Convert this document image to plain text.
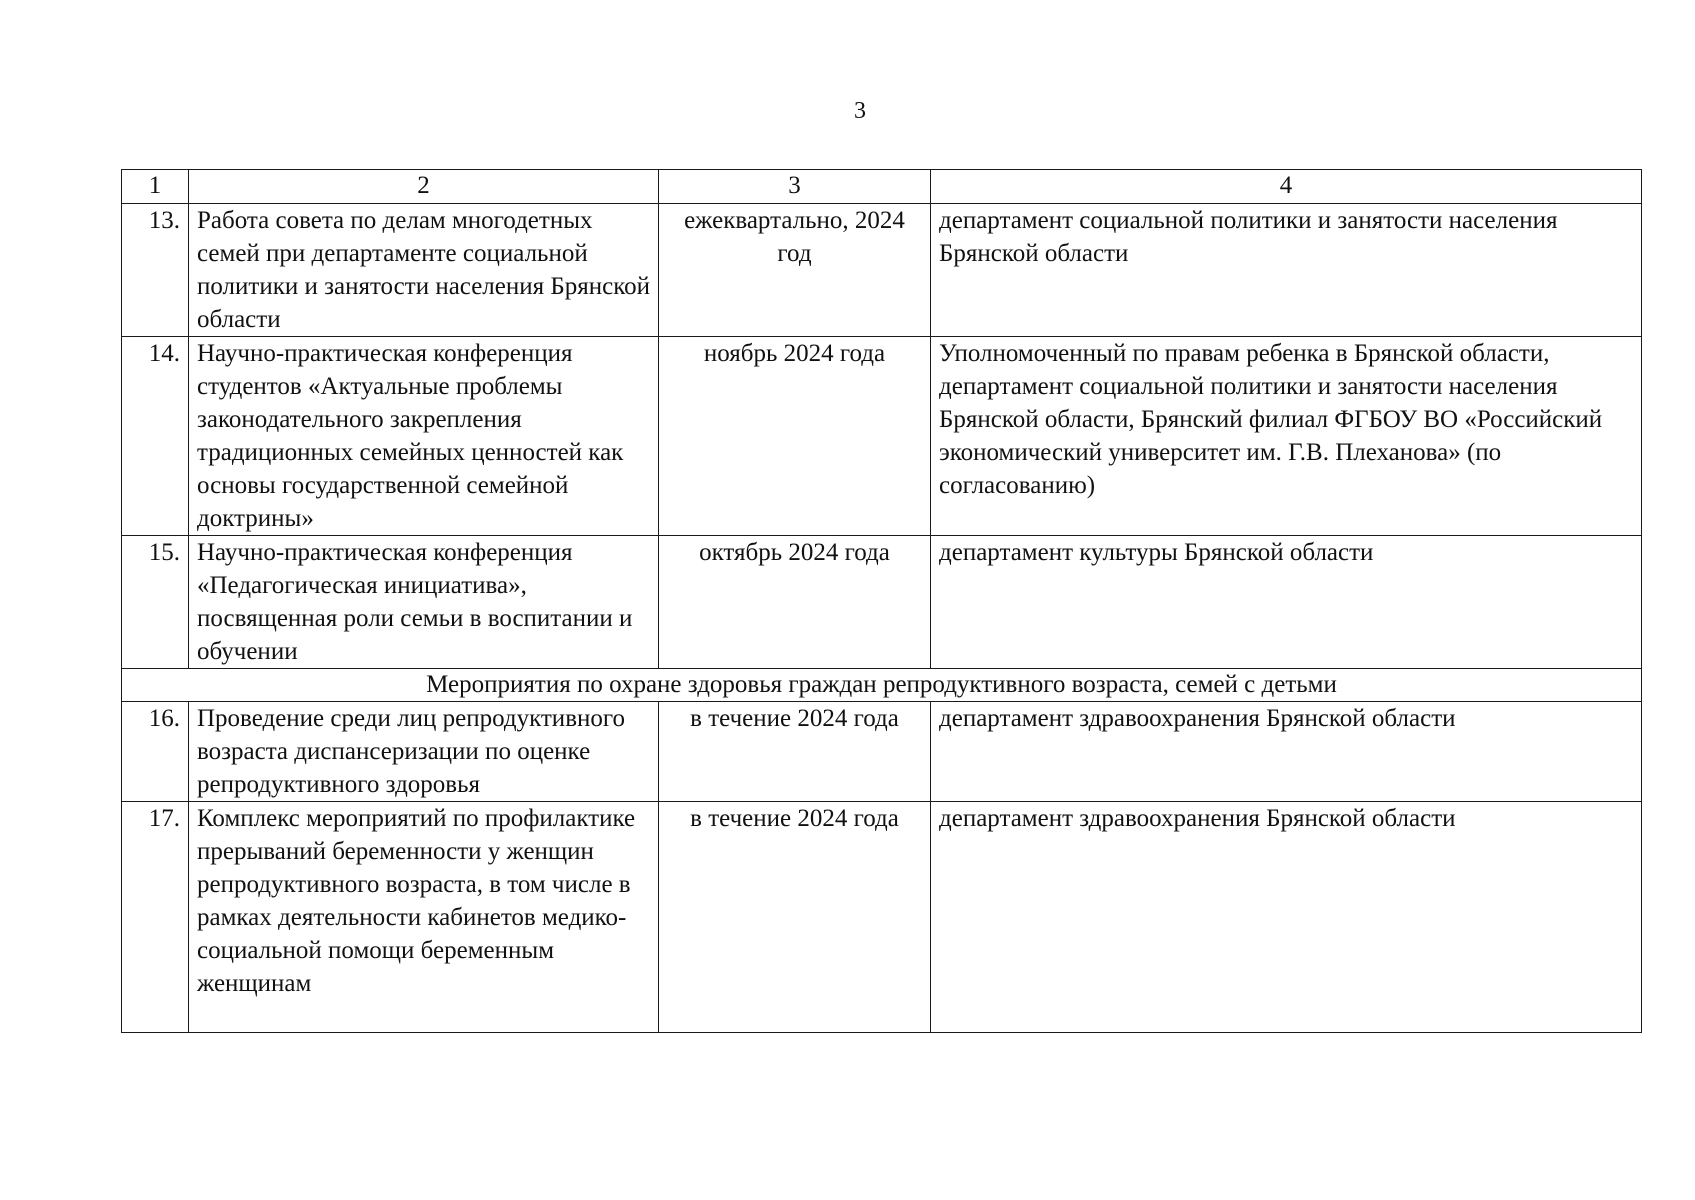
3
1	2	3	4
13.	Работа совета по делам многодетных семей при департаменте социальной политики и занятости населения Брянской области	ежеквартально, 2024 год	департамент социальной политики и занятости населения Брянской области
14.	Научно-практическая конференция студентов «Актуальные проблемы законодательного закрепления традиционных семейных ценностей как основы государственной семейной доктрины»	ноябрь 2024 года	Уполномоченный по правам ребенка в Брянской области, департамент социальной политики и занятости населения Брянской области, Брянский филиал ФГБОУ ВО «Российский экономический университет им. Г.В. Плеханова» (по согласованию)
15.	Научно-практическая конференция «Педагогическая инициатива», посвященная роли семьи в воспитании и обучении	октябрь 2024 года	департамент культуры Брянской области
Мероприятия по охране здоровья граждан репродуктивного возраста, семей с детьми			
16.	Проведение среди лиц репродуктивного возраста диспансеризации по оценке репродуктивного здоровья	в течение 2024 года	департамент здравоохранения Брянской области
17.	Комплекс мероприятий по профилактике прерываний беременности у женщин репродуктивного возраста, в том числе в рамках деятельности кабинетов медико-социальной помощи беременным женщинам	в течение 2024 года	департамент здравоохранения Брянской области
